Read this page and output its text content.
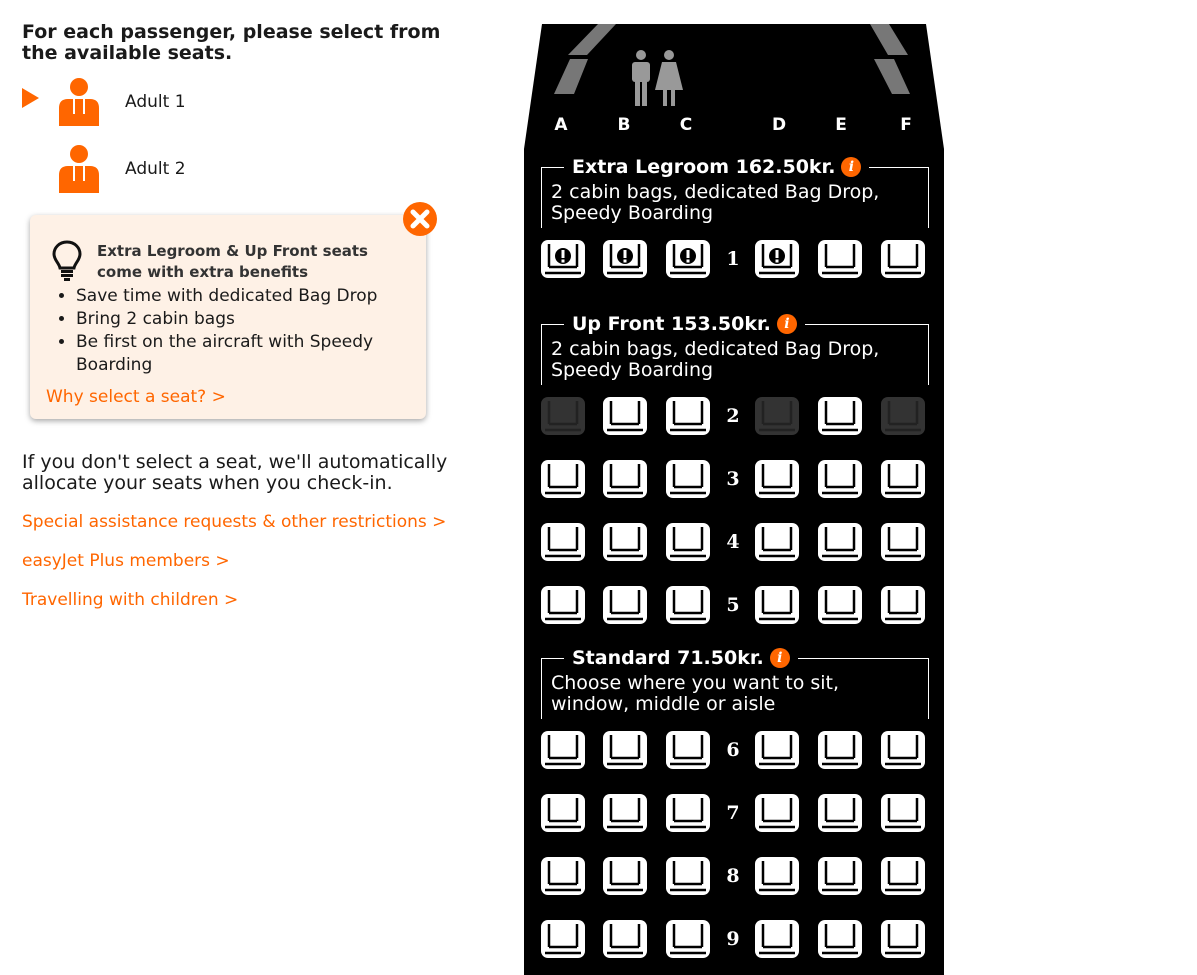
For each passenger, please select from the available seats.

Adult 1
Adult 2
Extra Legroom & Up Front seats come with extra benefits
• Save time with dedicated Bag Drop
• Bring 2 cabin bags
• Be first on the aircraft with Speedy Boarding
Why select a seat? >
If you don't select a seat, we'll automatically allocate your seats when you check-in.
Special assistance requests & other restrictions >
easyJet Plus members >
Travelling with children >
A	B	C	D	E	F
Extra Legroom 162.50kr. i
2 cabin bags, dedicated Bag Drop,
Speedy Boarding
Up Front 153.50kr. i
2 cabin bags, dedicated Bag Drop,
Speedy Boarding
Standard 71.50kr. i
Choose where you want to sit,
window, middle or aisle
1
2
3
4
5
6
7
8
9
